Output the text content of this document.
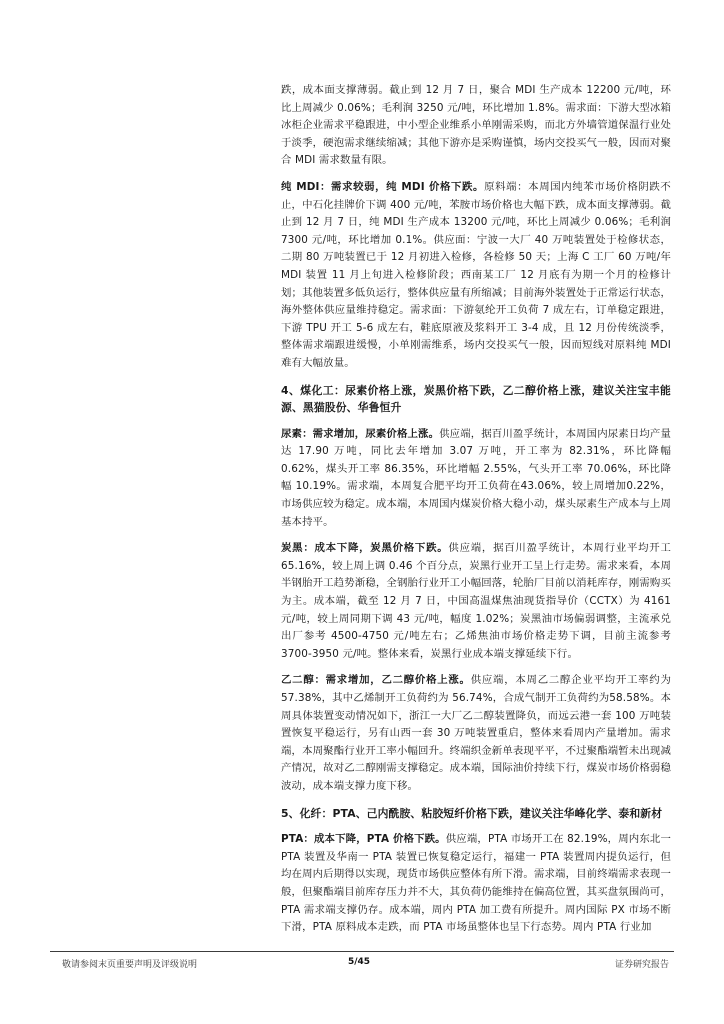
跌，成本面支撑薄弱。截止到 12 月 7 日，聚合 MDI 生产成本 12200 元/吨，环比上周减少 0.06%；毛利润 3250 元/吨，环比增加 1.8%。需求面：下游大型冰箱冰柜企业需求平稳跟进，中小型企业维系小单刚需采购，而北方外墙管道保温行业处于淡季，硬泡需求继续缩减；其他下游亦是采购谨慎，场内交投买气一般，因而对聚合 MDI 需求数量有限。

纯 MDI：需求较弱，纯 MDI 价格下跌。原料端：本周国内纯苯市场价格阴跌不止，中石化挂牌价下调 400 元/吨，苯胺市场价格也大幅下跌，成本面支撑薄弱。截止到 12 月 7 日，纯 MDI 生产成本 13200 元/吨，环比上周减少 0.06%；毛利润 7300 元/吨，环比增加 0.1%。供应面：宁波一大厂 40 万吨装置处于检修状态，二期 80 万吨装置已于 12 月初进入检修，各检修 50 天；上海 C 工厂 60 万吨/年 MDI 装置 11 月上旬进入检修阶段；西南某工厂 12 月底有为期一个月的检修计划；其他装置多低负运行，整体供应量有所缩减；目前海外装置处于正常运行状态，海外整体供应量维持稳定。需求面：下游氨纶开工负荷 7 成左右，订单稳定跟进，下游 TPU 开工 5-6 成左右，鞋底原液及浆料开工 3-4 成，且 12 月份传统淡季，整体需求端跟进缓慢，小单刚需维系，场内交投买气一般，因而短线对原料纯 MDI 难有大幅放量。

4、煤化工：尿素价格上涨，炭黑价格下跌，乙二醇价格上涨，建议关注宝丰能源、黑猫股份、华鲁恒升

尿素：需求增加，尿素价格上涨。供应端，据百川盈孚统计，本周国内尿素日均产量达 17.90 万吨，同比去年增加 3.07 万吨，开工率为 82.31%，环比降幅 0.62%，煤头开工率 86.35%，环比增幅 2.55%，气头开工率 70.06%，环比降幅 10.19%。需求端，本周复合肥平均开工负荷在43.06%，较上周增加0.22%，市场供应较为稳定。成本端，本周国内煤炭价格大稳小动，煤头尿素生产成本与上周基本持平。

炭黑：成本下降，炭黑价格下跌。供应端，据百川盈孚统计，本周行业平均开工 65.16%，较上周上调 0.46 个百分点，炭黑行业开工呈上行走势。需求来看，本周半钢胎开工趋势渐稳，全钢胎行业开工小幅回落，轮胎厂目前以消耗库存，刚需购买为主。成本端，截至 12 月 7 日，中国高温煤焦油现货指导价（CCTX）为 4161 元/吨，较上周同期下调 43 元/吨，幅度 1.02%；炭黑油市场偏弱调整，主流承兑出厂参考 4500-4750 元/吨左右；乙烯焦油市场价格走势下调，目前主流参考 3700-3950 元/吨。整体来看，炭黑行业成本端支撑延续下行。

乙二醇：需求增加，乙二醇价格上涨。供应端，本周乙二醇企业平均开工率约为 57.38%，其中乙烯制开工负荷约为 56.74%，合成气制开工负荷约为58.58%。本周具体装置变动情况如下，浙江一大厂乙二醇装置降负，而远云港一套 100 万吨装置恢复平稳运行，另有山西一套 30 万吨装置重启，整体来看周内产量增加。需求端，本周聚酯行业开工率小幅回升。终端织金新单表现平平，不过聚酯端暂未出现减产情况，故对乙二醇刚需支撑稳定。成本端，国际油价持续下行，煤炭市场价格弱稳波动，成本端支撑力度下移。

5、化纤：PTA、己内酰胺、粘胶短纤价格下跌，建议关注华峰化学、泰和新材

PTA：成本下降，PTA 价格下跌。供应端，PTA 市场开工在 82.19%，周内东北一 PTA 装置及华南一 PTA 装置已恢复稳定运行，福建一 PTA 装置周内提负运行，但均在周内后期得以实现，现货市场供应整体有所下滑。需求端，目前终端需求表现一般，但聚酯端目前库存压力并不大，其负荷仍能维持在偏高位置，其买盘氛围尚可，PTA 需求端支撑仍存。成本端，周内 PTA 加工费有所提升。周内国际 PX 市场不断下滑，PTA 原料成本走跌，而 PTA 市场虽整体也呈下行态势。周内 PTA 行业加

敬请参阅末页重要声明及评级说明	5/45	证券研究报告
